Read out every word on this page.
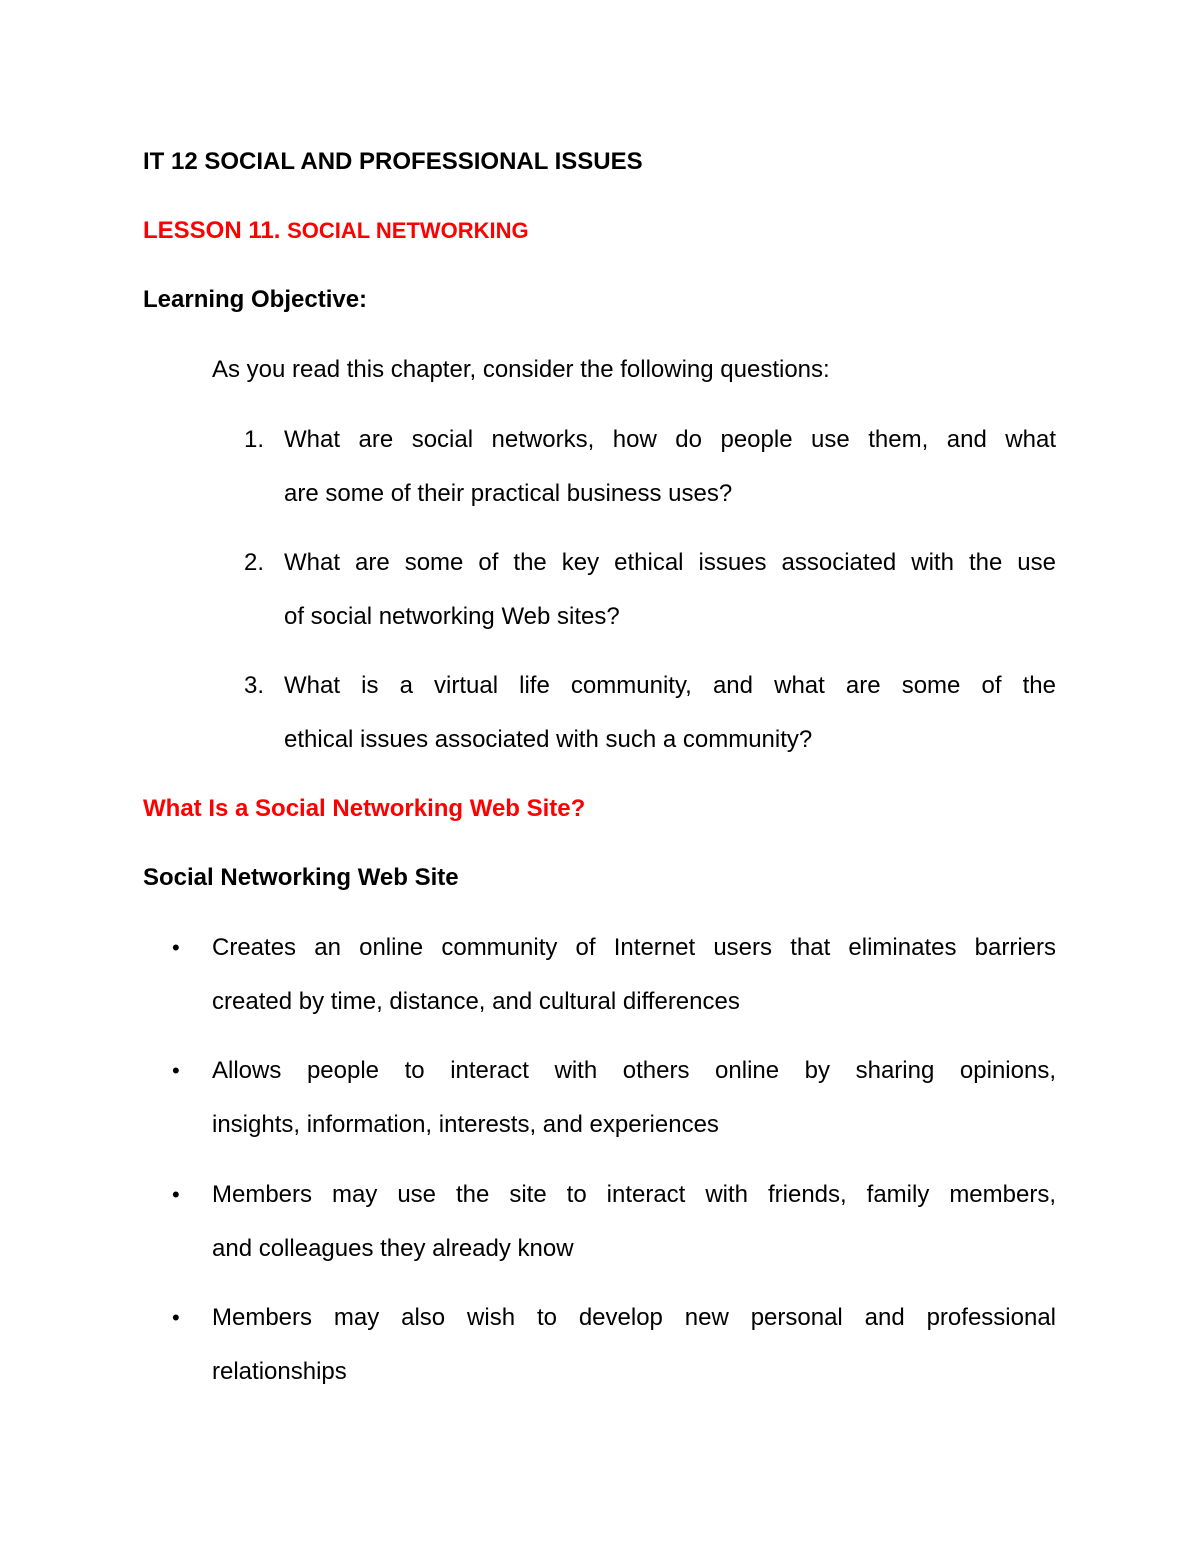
IT 12 SOCIAL AND PROFESSIONAL ISSUES
LESSON 11. SOCIAL NETWORKING
Learning Objective:
As you read this chapter, consider the following questions:
1. What are social networks, how do people use them, and what
are some of their practical business uses?
2. What are some of the key ethical issues associated with the use
of social networking Web sites?
3. What is a virtual life community, and what are some of the
ethical issues associated with such a community?
What Is a Social Networking Web Site?
Social Networking Web Site
• Creates an online community of Internet users that eliminates barriers
created by time, distance, and cultural differences
• Allows people to interact with others online by sharing opinions,
insights, information, interests, and experiences
• Members may use the site to interact with friends, family members,
and colleagues they already know
• Members may also wish to develop new personal and professional
relationships
